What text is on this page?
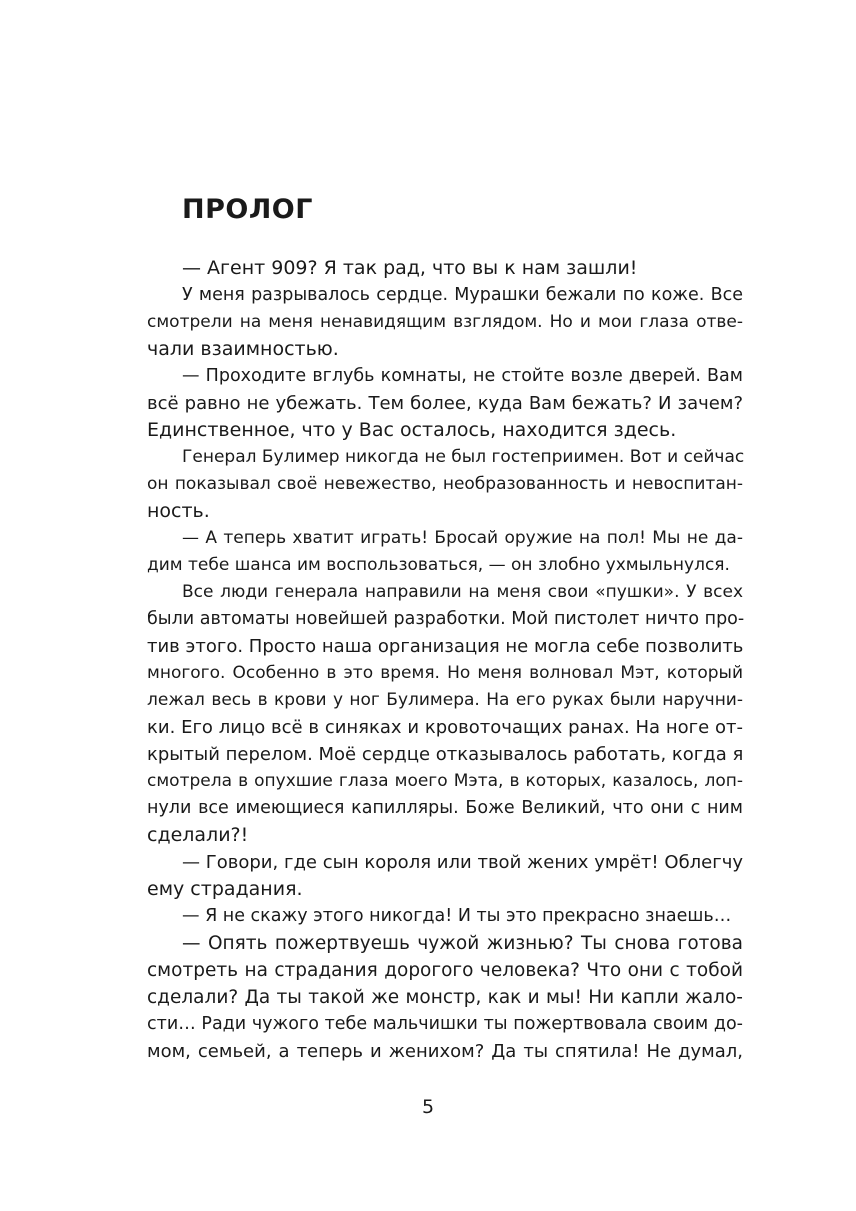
ПРОЛОГ
— Агент 909? Я так рад, что вы к нам зашли!
У меня разрывалось сердце. Мурашки бежали по коже. Все
смотрели на меня ненавидящим взглядом. Но и мои глаза отве-
чали взаимностью.
— Проходите вглубь комнаты, не стойте возле дверей. Вам
всё равно не убежать. Тем более, куда Вам бежать? И зачем?
Единственное, что у Вас осталось, находится здесь.
Генерал Булимер никогда не был гостеприимен. Вот и сейчас
он показывал своё невежество, необразованность и невоспитан-
ность.
— А теперь хватит играть! Бросай оружие на пол! Мы не да-
дим тебе шанса им воспользоваться, — он злобно ухмыльнулся.
Все люди генерала направили на меня свои «пушки». У всех
были автоматы новейшей разработки. Мой пистолет ничто про-
тив этого. Просто наша организация не могла себе позволить
многого. Особенно в это время. Но меня волновал Мэт, который
лежал весь в крови у ног Булимера. На его руках были наручни-
ки. Его лицо всё в синяках и кровоточащих ранах. На ноге от-
крытый перелом. Моё сердце отказывалось работать, когда я
смотрела в опухшие глаза моего Мэта, в которых, казалось, лоп-
нули все имеющиеся капилляры. Боже Великий, что они с ним
сделали?!
— Говори, где сын короля или твой жених умрёт! Облегчу
ему страдания.
— Я не скажу этого никогда! И ты это прекрасно знаешь…
— Опять пожертвуешь чужой жизнью? Ты снова готова
смотреть на страдания дорогого человека? Что они с тобой
сделали? Да ты такой же монстр, как и мы! Ни капли жало-
сти… Ради чужого тебе мальчишки ты пожертвовала своим до-
мом, семьей, а теперь и женихом? Да ты спятила! Не думал,
5
